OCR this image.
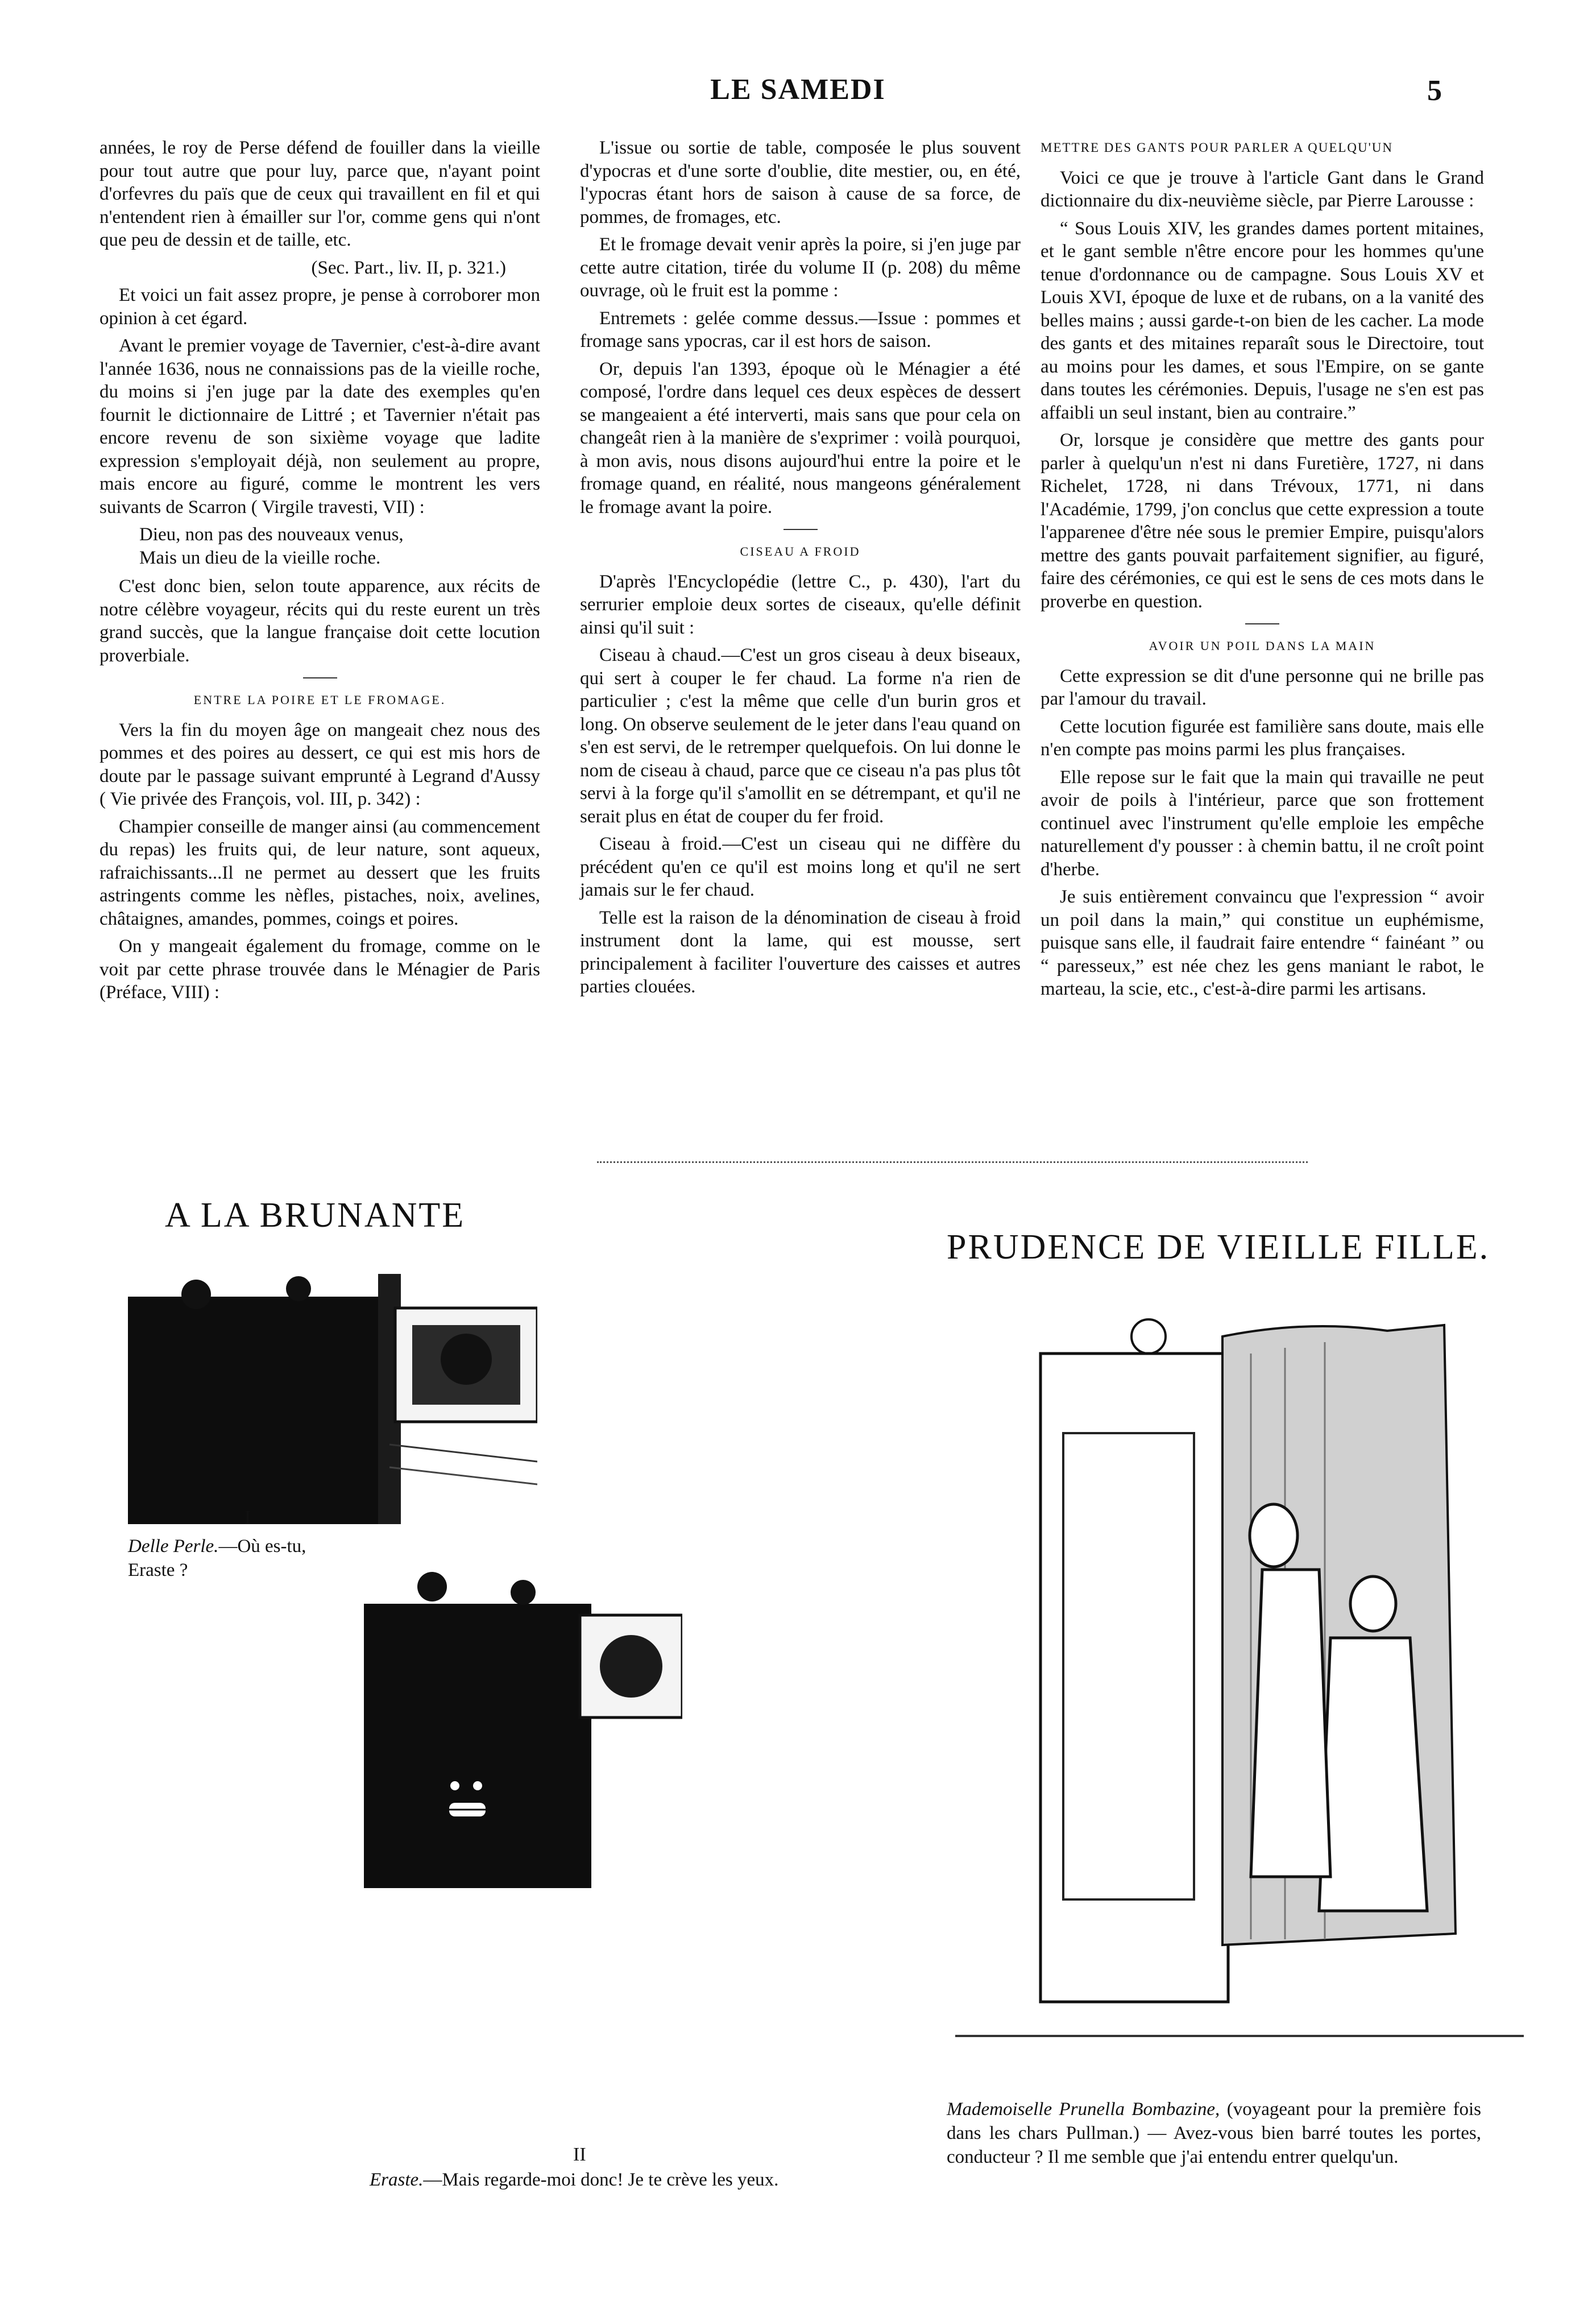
LE SAMEDI	5

années, le roy de Perse défend de fouiller dans la vieille pour tout autre que pour luy, parce que, n'ayant point d'orfevres du païs que de ceux qui travaillent en fil et qui n'entendent rien à émailler sur l'or, comme gens qui n'ont que peu de dessin et de taille, etc.

(Sec. Part., liv. II, p. 321.)

Et voici un fait assez propre, je pense à corroborer mon opinion à cet égard.

Avant le premier voyage de Tavernier, c'est-à-dire avant l'année 1636, nous ne connaissions pas de la vieille roche, du moins si j'en juge par la date des exemples qu'en fournit le dictionnaire de Littré ; et Tavernier n'était pas encore revenu de son sixième voyage que ladite expression s'employait déjà, non seulement au propre, mais encore au figuré, comme le montrent les vers suivants de Scarron ( Virgile travesti, VII) :

Dieu, non pas des nouveaux venus,
Mais un dieu de la vieille roche.

C'est donc bien, selon toute apparence, aux récits de notre célèbre voyageur, récits qui du reste eurent un très grand succès, que la langue française doit cette locution proverbiale.

ENTRE LA POIRE ET LE FROMAGE.

Vers la fin du moyen âge on mangeait chez nous des pommes et des poires au dessert, ce qui est mis hors de doute par le passage suivant emprunté à Legrand d'Aussy ( Vie privée des François, vol. III, p. 342) :

Champier conseille de manger ainsi (au commencement du repas) les fruits qui, de leur nature, sont aqueux, rafraichissants...Il ne permet au dessert que les fruits astringents comme les nèfles, pistaches, noix, avelines, châtaignes, amandes, pommes, coings et poires.

On y mangeait également du fromage, comme on le voit par cette phrase trouvée dans le Ménagier de Paris (Préface, VIII) :

L'issue ou sortie de table, composée le plus souvent d'ypocras et d'une sorte d'oublie, dite mestier, ou, en été, l'ypocras étant hors de saison à cause de sa force, de pommes, de fromages, etc.

Et le fromage devait venir après la poire, si j'en juge par cette autre citation, tirée du volume II (p. 208) du même ouvrage, où le fruit est la pomme :

Entremets : gelée comme dessus.—Issue : pommes et fromage sans ypocras, car il est hors de saison.

Or, depuis l'an 1393, époque où le Ménagier a été composé, l'ordre dans lequel ces deux espèces de dessert se mangeaient a été interverti, mais sans que pour cela on changeât rien à la manière de s'exprimer : voilà pourquoi, à mon avis, nous disons aujourd'hui entre la poire et le fromage quand, en réalité, nous mangeons généralement le fromage avant la poire.

CISEAU A FROID

D'après l'Encyclopédie (lettre C., p. 430), l'art du serrurier emploie deux sortes de ciseaux, qu'elle définit ainsi qu'il suit :

Ciseau à chaud.—C'est un gros ciseau à deux biseaux, qui sert à couper le fer chaud. La forme n'a rien de particulier ; c'est la même que celle d'un burin gros et long. On observe seulement de le jeter dans l'eau quand on s'en est servi, de le retremper quelquefois. On lui donne le nom de ciseau à chaud, parce que ce ciseau n'a pas plus tôt servi à la forge qu'il s'amollit en se détrempant, et qu'il ne serait plus en état de couper du fer froid.

Ciseau à froid.—C'est un ciseau qui ne diffère du précédent qu'en ce qu'il est moins long et qu'il ne sert jamais sur le fer chaud.

Telle est la raison de la dénomination de ciseau à froid instrument dont la lame, qui est mousse, sert principalement à faciliter l'ouverture des caisses et autres parties clouées.

METTRE DES GANTS POUR PARLER A QUELQU'UN

Voici ce que je trouve à l'article Gant dans le Grand dictionnaire du dix-neuvième siècle, par Pierre Larousse :

“ Sous Louis XIV, les grandes dames portent mitaines, et le gant semble n'être encore pour les hommes qu'une tenue d'ordonnance ou de campagne. Sous Louis XV et Louis XVI, époque de luxe et de rubans, on a la vanité des belles mains ; aussi garde-t-on bien de les cacher. La mode des gants et des mitaines reparaît sous le Directoire, tout au moins pour les dames, et sous l'Empire, on se gante dans toutes les cérémonies. Depuis, l'usage ne s'en est pas affaibli un seul instant, bien au contraire.”

Or, lorsque je considère que mettre des gants pour parler à quelqu'un n'est ni dans Furetière, 1727, ni dans Richelet, 1728, ni dans Trévoux, 1771, ni dans l'Académie, 1799, j'on conclus que cette expression a toute l'apparenee d'être née sous le premier Empire, puisqu'alors mettre des gants pouvait parfaitement signifier, au figuré, faire des cérémonies, ce qui est le sens de ces mots dans le proverbe en question.

AVOIR UN POIL DANS LA MAIN

Cette expression se dit d'une personne qui ne brille pas par l'amour du travail.

Cette locution figurée est familière sans doute, mais elle n'en compte pas moins parmi les plus françaises.

Elle repose sur le fait que la main qui travaille ne peut avoir de poils à l'intérieur, parce que son frottement continuel avec l'instrument qu'elle emploie les empêche naturellement d'y pousser : à chemin battu, il ne croît point d'herbe.

Je suis entièrement convaincu que l'expression “ avoir un poil dans la main,” qui constitue un euphémisme, puisque sans elle, il faudrait faire entendre “ fainéant ” ou “ paresseux,” est née chez les gens maniant le rabot, le marteau, la scie, etc., c'est-à-dire parmi les artisans.

A LA BRUNANTE
I
Delle Perle.—Où es-tu, Eraste ?
II
Eraste.—Mais regarde-moi donc! Je te crève les yeux.
PRUDENCE DE VIEILLE FILLE.
Mademoiselle Prunella Bombazine, (voyageant pour la première fois dans les chars Pullman.) — Avez-vous bien barré toutes les portes, conducteur ? Il me semble que j'ai entendu entrer quelqu'un.
